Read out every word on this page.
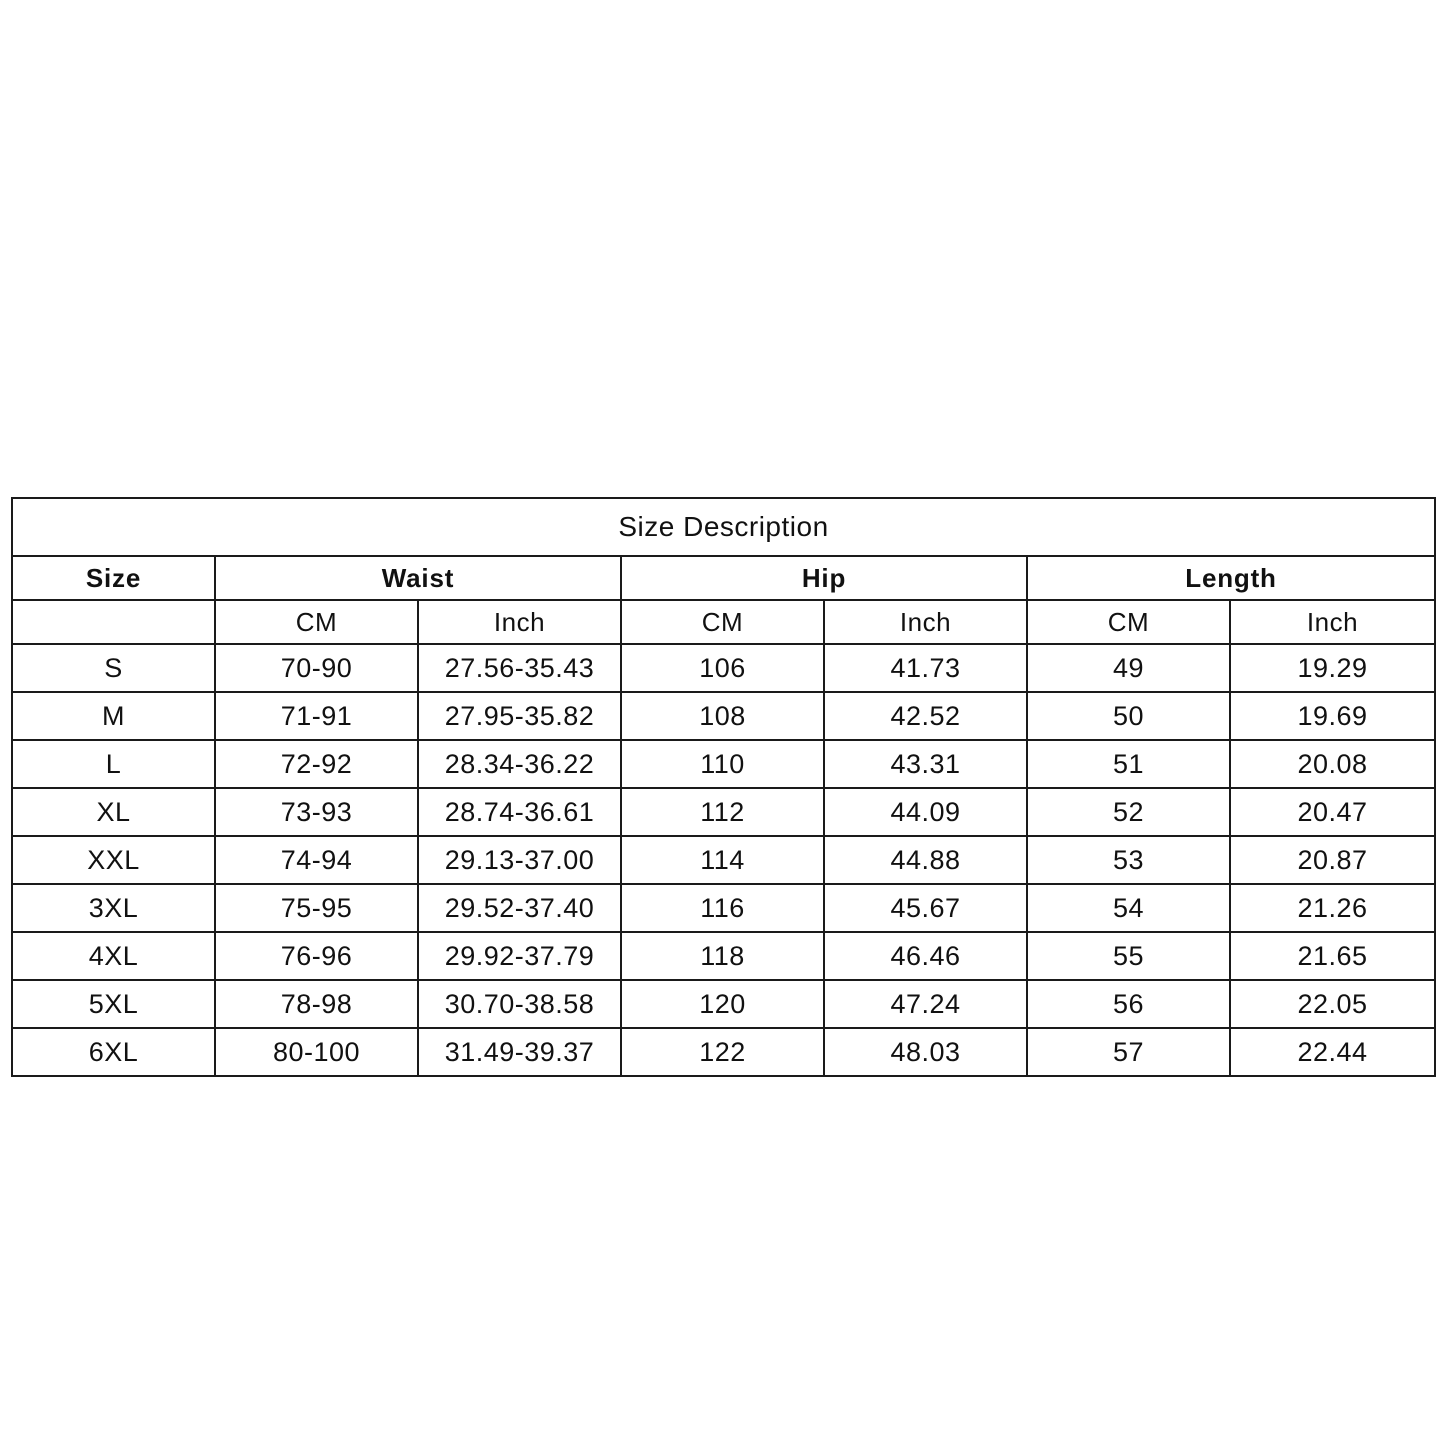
Size Description						
Size	Waist		Hip		Length	
	CM	Inch	CM	Inch	CM	Inch
S	70-90	27.56-35.43	106	41.73	49	19.29
M	71-91	27.95-35.82	108	42.52	50	19.69
L	72-92	28.34-36.22	110	43.31	51	20.08
XL	73-93	28.74-36.61	112	44.09	52	20.47
XXL	74-94	29.13-37.00	114	44.88	53	20.87
3XL	75-95	29.52-37.40	116	45.67	54	21.26
4XL	76-96	29.92-37.79	118	46.46	55	21.65
5XL	78-98	30.70-38.58	120	47.24	56	22.05
6XL	80-100	31.49-39.37	122	48.03	57	22.44
